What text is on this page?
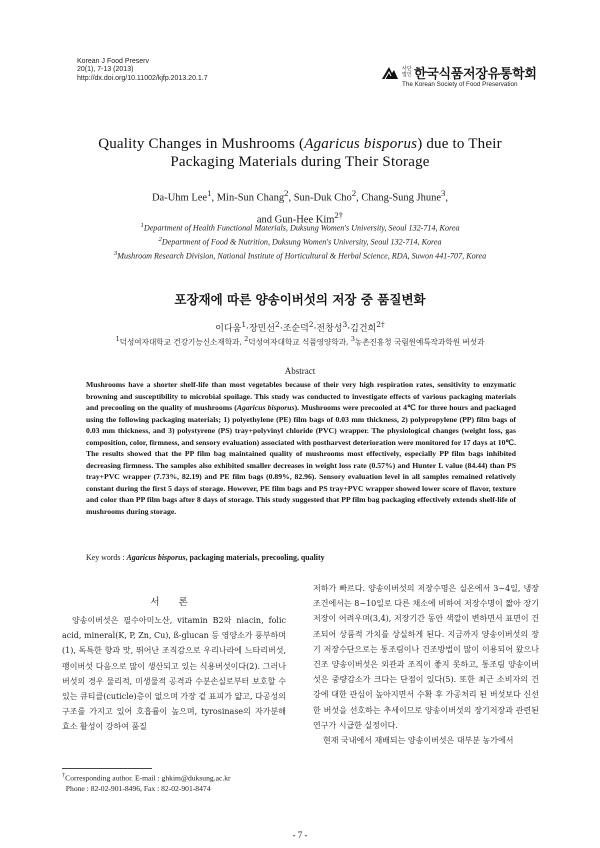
Korean J Food Preserv
20(1), 7-13 (2013)
http://dx.doi.org/10.11002/kjfp.2013.20.1.7
사단
법인 한국식품저장유통학회
The Korean Society of Food Preservation
Quality Changes in Mushrooms (Agaricus bisporus) due to Their
Packaging Materials during Their Storage
Da-Uhm Lee$^1$, Min-Sun Chang$^2$, Sun-Duk Cho$^2$, Chang-Sung Jhune$^3$,
and Gun-Hee Kim$^{2\dagger}$
$^1$Department of Health Functional Materials, Duksung Women's University, Seoul 132-714, Korea
$^2$Department of Food & Nutrition, Duksung Women's University, Seoul 132-714, Korea
$^3$Mushroom Research Division, National Institute of Horticultural & Herbal Science, RDA, Suwon 441-707, Korea
포장재에 따른 양송이버섯의 저장 중 품질변화
이다움$^1$·장민선$^2$·조순덕$^2$·전창성$^3$·김건희$^{2\dagger}$
$^1$덕성여자대학교 건강기능신소재학과, $^2$덕성여자대학교 식품영양학과, $^3$농촌진흥청 국립원예특작과학원 버섯과
Abstract
Mushrooms have a shorter shelf-life than most vegetables because of their very high respiration rates, sensitivity to enzymatic browning and susceptibility to microbial spoilage. This study was conducted to investigate effects of various packaging materials and precooling on the quality of mushrooms (Agaricus bisporus). Mushrooms were precooled at 4℃ for three hours and packaged using the following packaging materials; 1) polyethylene (PE) film bags of 0.03 mm thickness, 2) polypropylene (PP) film bags of 0.03 mm thickness, and 3) polystyrene (PS) tray+polyvinyl chloride (PVC) wrapper. The physiological changes (weight loss, gas composition, color, firmness, and sensory evaluation) associated with postharvest deterioration were monitored for 17 days at 10℃. The results showed that the PP film bag maintained quality of mushrooms most effectively, especially PP film bags inhibited decreasing firmness. The samples also exhibited smaller decreases in weight loss rate (0.57%) and Hunter L value (84.44) than PS tray+PVC wrapper (7.73%, 82.19) and PE film bags (0.89%, 82.96). Sensory evaluation level in all samples remained relatively constant during the first 5 days of storage. However, PE film bags and PS tray+PVC wrapper showed lower score of flavor, texture and color than PP film bags after 8 days of storage. This study suggested that PP film bag packaging effectively extends shelf-life of mushrooms during storage.
Key words : Agaricus bisporus, packaging materials, precooling, quality
서 론

양송이버섯은 필수아미노산, vitamin B2와 niacin, folic acid, mineral(K, P, Zn, Cu), ß-glucan 등 영양소가 풍부하며 (1), 독특한 향과 맛, 뛰어난 조직감으로 우리나라에 느타리버섯, 팽이버섯 다음으로 많이 생산되고 있는 식용버섯이다(2). 그러나 버섯의 경우 물리적, 미생물적 공격과 수분손실로부터 보호할 수 있는 큐티클(cuticle)층이 없으며 가장 겉 표피가 얇고, 다공성의 구조를 가지고 있어 호흡률이 높으며, tyrosinase의 자가분해 효소 활성이 강하여 품질

저하가 빠르다. 양송이버섯의 저장수명은 실온에서 3~4일, 냉장조건에서는 8~10일로 다른 채소에 비하여 저장수명이 짧아 장기 저장이 어려우며(3,4), 저장기간 동안 색깔이 변하면서 표면이 건조되어 상품적 가치를 상실하게 된다. 지금까지 양송이버섯의 장기 저장수단으로는 통조림이나 건조방법이 많이 이용되어 왔으나 건조 양송이버섯은 외관과 조직이 좋지 못하고, 통조림 양송이버섯은 중량감소가 크다는 단점이 있다(5). 또한 최근 소비자의 건강에 대한 관심이 높아지면서 수확 후 가공처리 된 버섯보다 신선한 버섯을 선호하는 추세이므로 양송이버섯의 장기저장과 관련된 연구가 시급한 실정이다.

현재 국내에서 재배되는 양송이버섯은 대부분 농가에서

†Corresponding author. E-mail : ghkim@duksung.ac.kr
Phone : 82-02-901-8496, Fax : 82-02-901-8474
- 7 -
